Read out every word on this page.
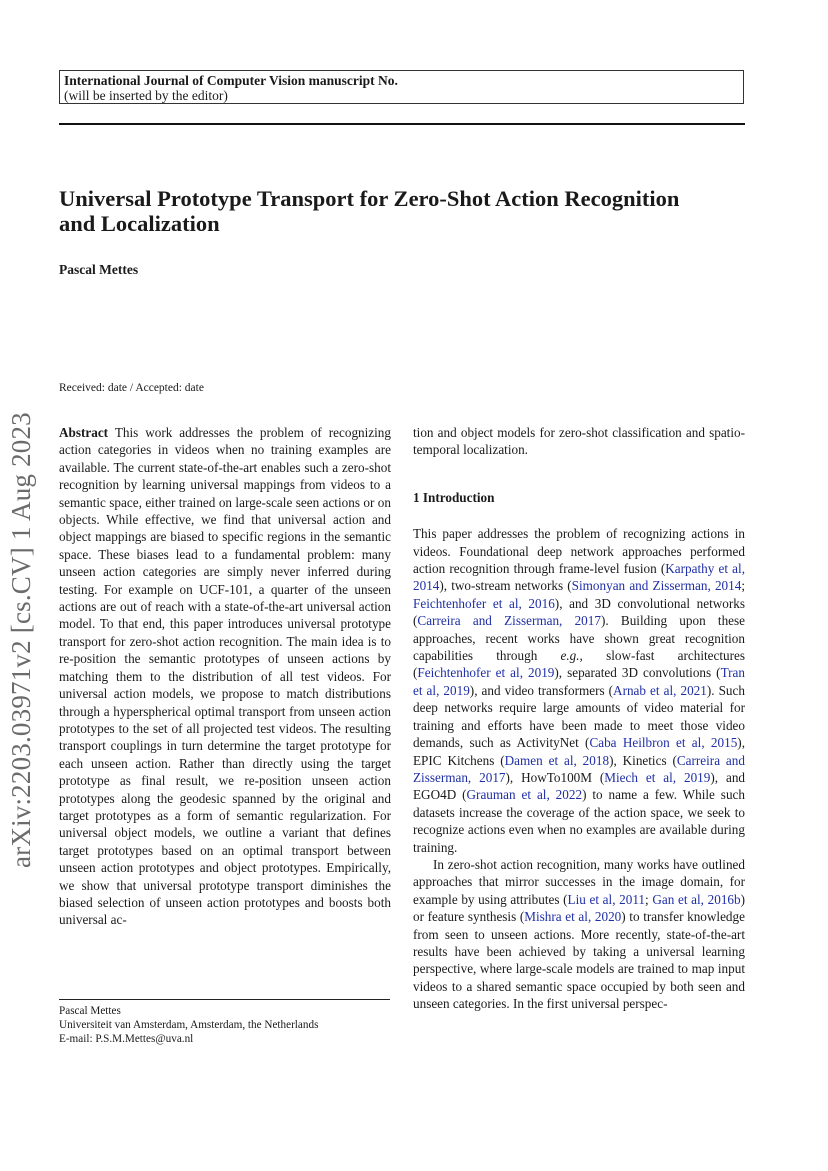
International Journal of Computer Vision manuscript No.
(will be inserted by the editor)
Universal Prototype Transport for Zero-Shot Action Recognition and Localization
Pascal Mettes
Received: date / Accepted: date
arXiv:2203.03971v2 [cs.CV] 1 Aug 2023 Abstract This work addresses the problem of recognizing action categories in videos when no training examples are available. The current state-of-the-art enables such a zero-shot recognition by learning universal mappings from videos to a semantic space, either trained on large-scale seen actions or on objects. While effective, we find that universal action and object mappings are biased to specific regions in the semantic space. These biases lead to a fundamental problem: many unseen action categories are simply never inferred during testing. For example on UCF-101, a quarter of the unseen actions are out of reach with a state-of-the-art universal action model. To that end, this paper introduces universal prototype transport for zero-shot action recognition. The main idea is to re-position the semantic prototypes of unseen actions by matching them to the distribution of all test videos. For universal action models, we propose to match distributions through a hyperspherical optimal transport from unseen action prototypes to the set of all projected test videos. The resulting transport couplings in turn determine the target prototype for each unseen action. Rather than directly using the target prototype as final result, we re-position unseen action prototypes along the geodesic spanned by the original and target prototypes as a form of semantic regularization. For universal object models, we outline a variant that defines target prototypes based on an optimal transport between unseen action prototypes and object prototypes. Empirically, we show that universal prototype transport diminishes the biased selection of unseen action prototypes and boosts both universal ac-

tion and object models for zero-shot classification and spatio-temporal localization.

1 Introduction

This paper addresses the problem of recognizing actions in videos. Foundational deep network approaches performed action recognition through frame-level fusion (Karpathy et al, 2014), two-stream networks (Simonyan and Zisserman, 2014; Feichtenhofer et al, 2016), and 3D convolutional networks (Carreira and Zisserman, 2017). Building upon these approaches, recent works have shown great recognition capabilities through e.g., slow-fast architectures (Feichtenhofer et al, 2019), separated 3D convolutions (Tran et al, 2019), and video transformers (Arnab et al, 2021). Such deep networks require large amounts of video material for training and efforts have been made to meet those video demands, such as ActivityNet (Caba Heilbron et al, 2015), EPIC Kitchens (Damen et al, 2018), Kinetics (Carreira and Zisserman, 2017), HowTo100M (Miech et al, 2019), and EGO4D (Grauman et al, 2022) to name a few. While such datasets increase the coverage of the action space, we seek to recognize actions even when no examples are available during training.

In zero-shot action recognition, many works have outlined approaches that mirror successes in the image domain, for example by using attributes (Liu et al, 2011; Gan et al, 2016b) or feature synthesis (Mishra et al, 2020) to transfer knowledge from seen to unseen actions. More recently, state-of-the-art results have been achieved by taking a universal learning perspective, where large-scale models are trained to map input videos to a shared semantic space occupied by both seen and unseen categories. In the first universal perspec-

Pascal Mettes
Universiteit van Amsterdam, Amsterdam, the Netherlands
E-mail: P.S.M.Mettes@uva.nl
